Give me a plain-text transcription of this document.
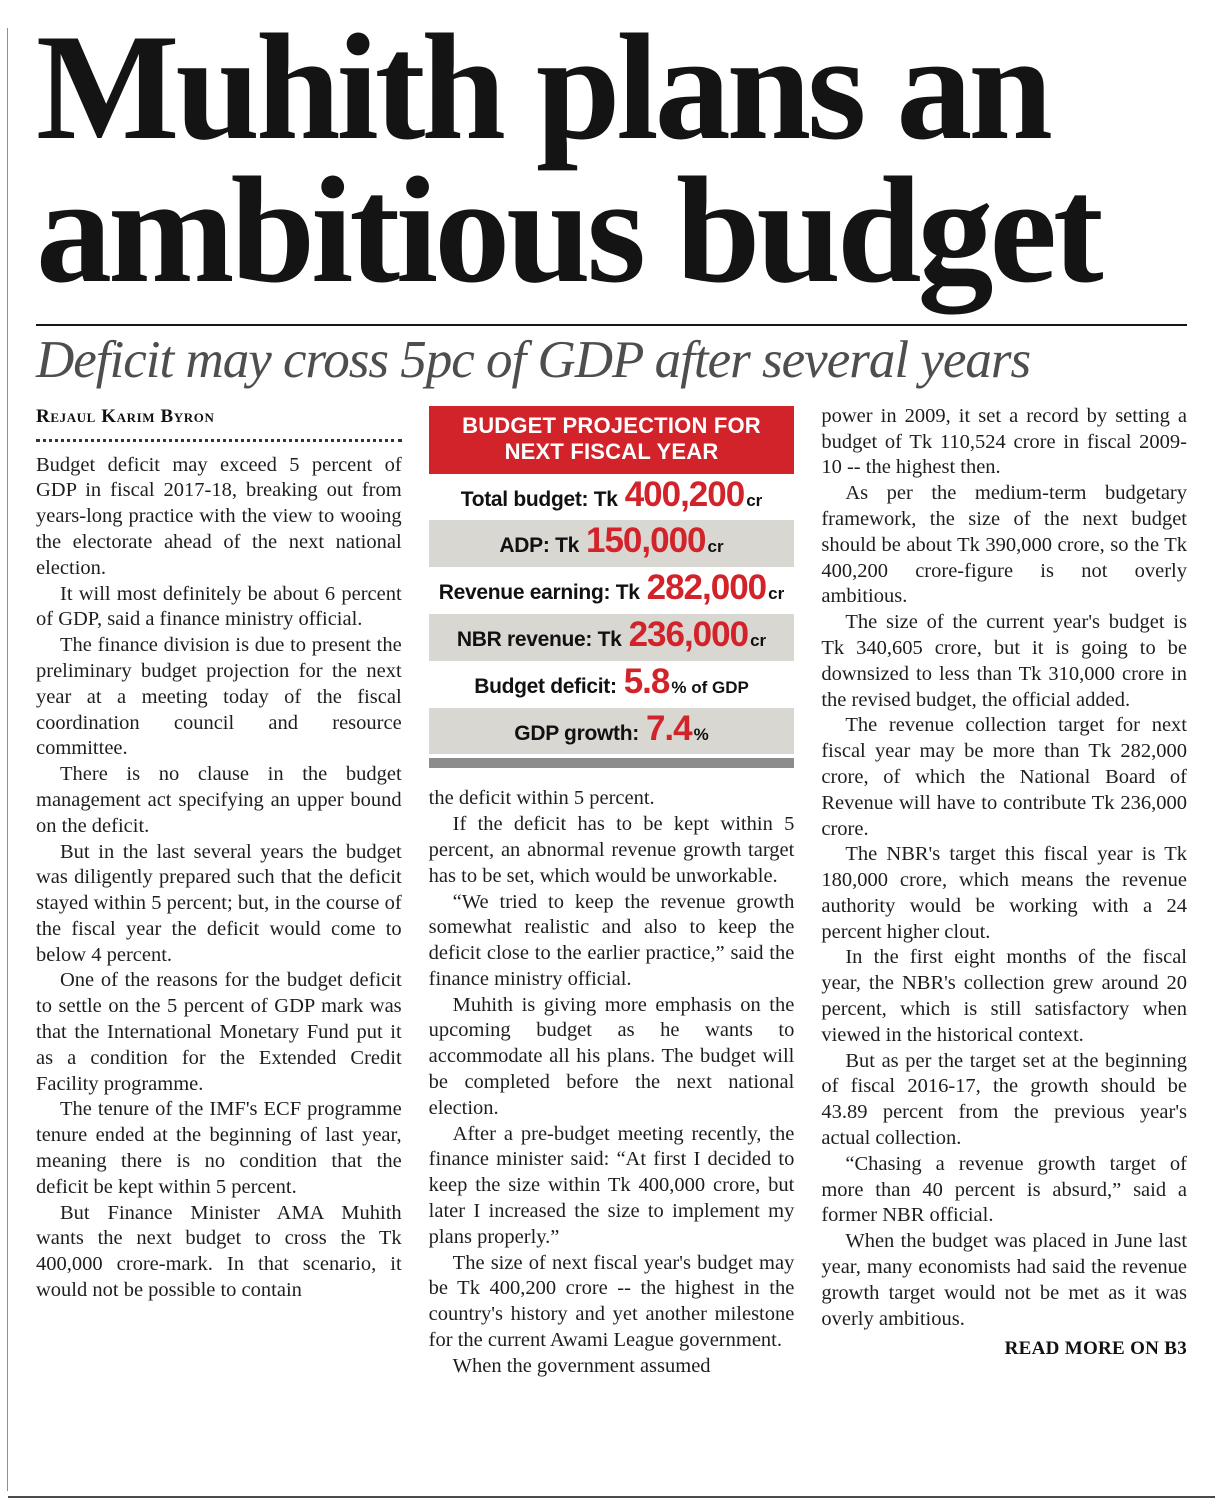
Muhith plans an
ambitious budget
Deficit may cross 5pc of GDP after several years
Rejaul Karim Byron

Budget deficit may exceed 5 percent of GDP in fiscal 2017-18, breaking out from years-long practice with the view to wooing the electorate ahead of the next national election.

It will most definitely be about 6 percent of GDP, said a finance ministry official.

The finance division is due to present the preliminary budget projection for the next year at a meeting today of the fiscal coordination council and resource committee.

There is no clause in the budget management act specifying an upper bound on the deficit.

But in the last several years the budget was diligently prepared such that the deficit stayed within 5 percent; but, in the course of the fiscal year the deficit would come to below 4 percent.

One of the reasons for the budget deficit to settle on the 5 percent of GDP mark was that the International Monetary Fund put it as a condition for the Extended Credit Facility programme.

The tenure of the IMF's ECF programme tenure ended at the beginning of last year, meaning there is no condition that the deficit be kept within 5 percent.

But Finance Minister AMA Muhith wants the next budget to cross the Tk 400,000 crore-mark. In that scenario, it would not be possible to contain

BUDGET PROJECTION FOR
NEXT FISCAL YEAR
Total budget: Tk 400,200 cr
ADP: Tk 150,000 cr
Revenue earning: Tk 282,000 cr
NBR revenue: Tk 236,000 cr
Budget deficit: 5.8 % of GDP
GDP growth: 7.4 %

the deficit within 5 percent.

If the deficit has to be kept within 5 percent, an abnormal revenue growth target has to be set, which would be unworkable.

“We tried to keep the revenue growth somewhat realistic and also to keep the deficit close to the earlier practice,” said the finance ministry official.

Muhith is giving more emphasis on the upcoming budget as he wants to accommodate all his plans. The budget will be completed before the next national election.

After a pre-budget meeting recently, the finance minister said: “At first I decided to keep the size within Tk 400,000 crore, but later I increased the size to implement my plans properly.”

The size of next fiscal year's budget may be Tk 400,200 crore -- the highest in the country's history and yet another milestone for the current Awami League government.

When the government assumed

power in 2009, it set a record by setting a budget of Tk 110,524 crore in fiscal 2009-10 -- the highest then.

As per the medium-term budgetary framework, the size of the next budget should be about Tk 390,000 crore, so the Tk 400,200 crore-figure is not overly ambitious.

The size of the current year's budget is Tk 340,605 crore, but it is going to be downsized to less than Tk 310,000 crore in the revised budget, the official added.

The revenue collection target for next fiscal year may be more than Tk 282,000 crore, of which the National Board of Revenue will have to contribute Tk 236,000 crore.

The NBR's target this fiscal year is Tk 180,000 crore, which means the revenue authority would be working with a 24 percent higher clout.

In the first eight months of the fiscal year, the NBR's collection grew around 20 percent, which is still satisfactory when viewed in the historical context.

But as per the target set at the beginning of fiscal 2016-17, the growth should be 43.89 percent from the previous year's actual collection.

“Chasing a revenue growth target of more than 40 percent is absurd,” said a former NBR official.

When the budget was placed in June last year, many economists had said the revenue growth target would not be met as it was overly ambitious.

READ MORE ON B3
